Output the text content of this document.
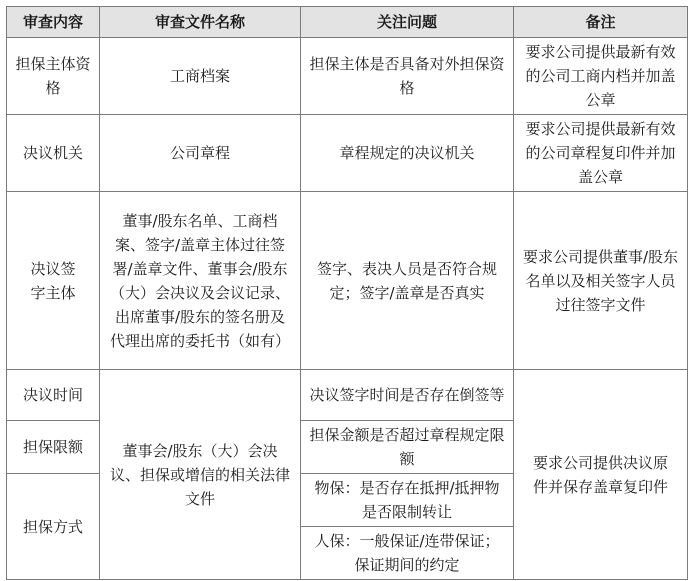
审查内容	审查文件名称	关注问题	备注
担保主体资格	工商档案	担保主体是否具备对外担保资格	要求公司提供最新有效的公司工商内档并加盖公章
决议机关	公司章程	章程规定的决议机关	要求公司提供最新有效的公司章程复印件并加盖公章
决议签字主体	董事/股东名单、工商档案、签字/盖章主体过往签署/盖章文件、董事会/股东（大）会决议及会议记录、出席董事/股东的签名册及代理出席的委托书（如有）	签字、表决人员是否符合规定；签字/盖章是否真实	要求公司提供董事/股东名单以及相关签字人员过往签字文件
决议时间	董事会/股东（大）会决议、担保或增信的相关法律文件	决议签字时间是否存在倒签等	要求公司提供决议原件并保存盖章复印件
担保限额		担保金额是否超过章程规定限额	
担保方式		物保：是否存在抵押/抵押物是否限制转让	
		人保：一般保证/连带保证；保证期间的约定	
